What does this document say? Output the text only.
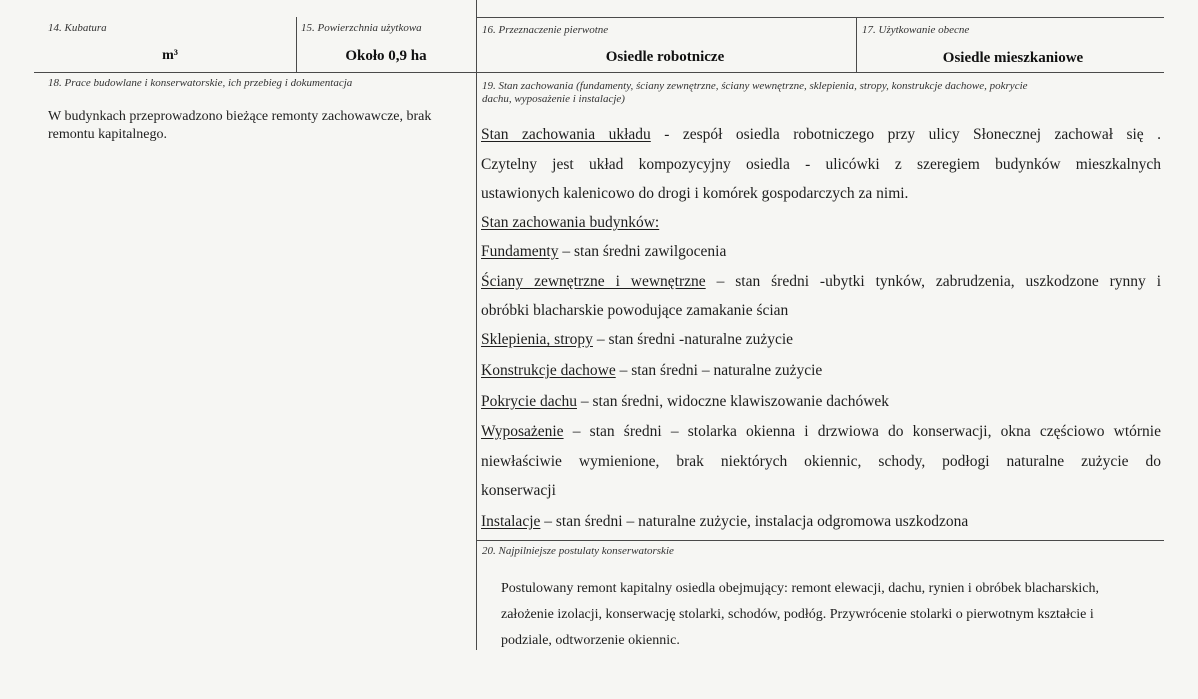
14. Kubatura
m³
15. Powierzchnia użytkowa
Około 0,9 ha
16. Przeznaczenie pierwotne
Osiedle robotnicze
17. Użytkowanie obecne
Osiedle mieszkaniowe
18. Prace budowlane i konserwatorskie, ich przebieg i dokumentacja
W budynkach przeprowadzono bieżące remonty zachowawcze, brak
remontu kapitalnego.
19. Stan zachowania (fundamenty, ściany zewnętrzne, ściany wewnętrzne, sklepienia, stropy, konstrukcje dachowe, pokrycie
dachu, wyposażenie i instalacje)
Stan zachowania układu - zespół osiedla robotniczego przy ulicy Słonecznej zachował się .
Czytelny jest układ kompozycyjny osiedla - ulicówki z szeregiem budynków mieszkalnych
ustawionych kalenicowo do drogi i komórek gospodarczych za nimi.
Stan zachowania budynków:
Fundamenty – stan średni zawilgocenia
Ściany zewnętrzne i wewnętrzne – stan średni -ubytki tynków, zabrudzenia, uszkodzone rynny i
obróbki blacharskie powodujące zamakanie ścian
Sklepienia, stropy – stan średni -naturalne zużycie
Konstrukcje dachowe – stan średni – naturalne zużycie
Pokrycie dachu – stan średni, widoczne klawiszowanie dachówek
Wyposażenie – stan średni – stolarka okienna i drzwiowa do konserwacji, okna częściowo wtórnie
niewłaściwie wymienione, brak niektórych okiennic, schody, podłogi naturalne zużycie do
konserwacji
Instalacje – stan średni – naturalne zużycie, instalacja odgromowa uszkodzona
20. Najpilniejsze postulaty konserwatorskie
Postulowany remont kapitalny osiedla obejmujący: remont elewacji, dachu, rynien i obróbek blacharskich,
założenie izolacji, konserwację stolarki, schodów, podłóg. Przywrócenie stolarki o pierwotnym kształcie i
podziale, odtworzenie okiennic.
